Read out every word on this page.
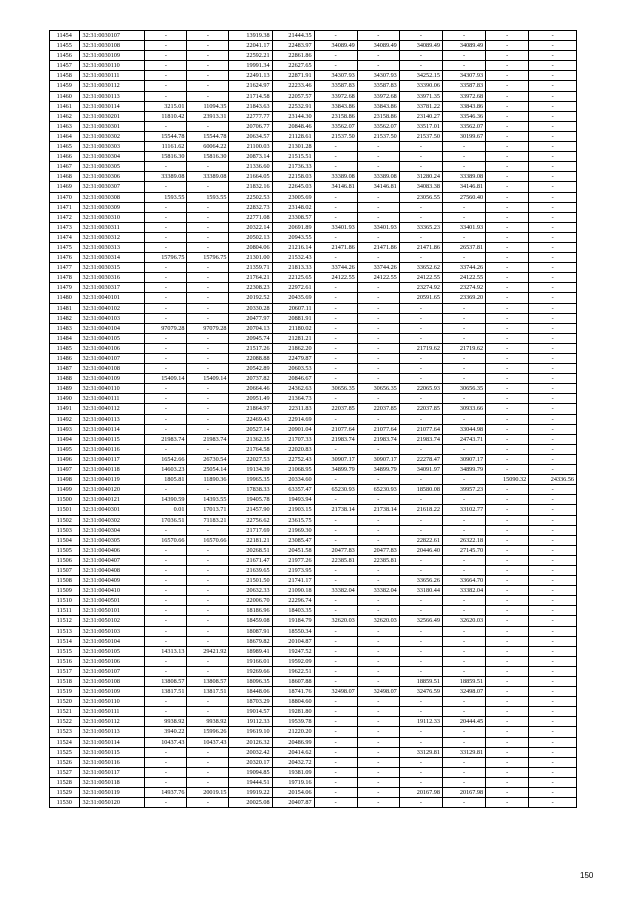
11454	32:31:0030107	-	-	13919.38	21444.35	-	-	-	-	-	-
11455	32:31:0030108	-	-	22041.17	22483.97	34089.49	34089.49	34089.49	34089.49	-	-
11456	32:31:0030109	-	-	22592.21	22861.86	-	-	-	-	-	-
11457	32:31:0030110	-	-	19991.34	22627.65	-	-	-	-	-	-
11458	32:31:0030111	-	-	22491.13	22871.91	34307.93	34307.93	34252.15	34307.93	-	-
11459	32:31:0030112	-	-	21624.97	22233.46	33587.83	33587.83	33390.06	33587.83	-	-
11460	32:31:0030113	-	-	21714.58	22057.57	33972.68	33972.68	33971.35	33972.68	-	-
11461	32:31:0030114	3215.01	11094.35	21843.63	22532.91	33843.86	33843.86	33781.22	33843.86	-	-
11462	32:31:0030201	11810.42	23913.31	22777.77	23144.30	23158.86	23158.86	23140.27	33546.36	-	-
11463	32:31:0030301	-	-	20706.77	20848.46	33562.07	33562.07	33517.01	33562.07	-	-
11464	32:31:0030302	15544.78	15544.78	20634.57	21128.61	21537.50	21537.50	21537.50	30199.67	-	-
11465	32:31:0030303	11161.62	60064.22	21100.03	21301.28	-	-	-	-	-	-
11466	32:31:0030304	15816.30	15816.30	20873.14	21515.51	-	-	-	-	-	-
11467	32:31:0030305	-	-	21336.60	21736.33	-	-	-	-	-	-
11468	32:31:0030306	33389.08	33389.08	21664.05	22158.03	33389.08	33389.08	31280.24	33389.08	-	-
11469	32:31:0030307	-	-	21832.16	22645.03	34146.81	34146.81	34083.38	34146.81	-	-
11470	32:31:0030308	1593.55	1593.55	22502.53	23005.69	-	-	23056.55	27560.40	-	-
11471	32:31:0030309	-	-	22832.73	23148.02	-	-	-	-	-	-
11472	32:31:0030310	-	-	22771.08	23308.57	-	-	-	-	-	-
11473	32:31:0030311	-	-	20322.14	20691.89	33401.93	33401.93	33365.23	33401.93	-	-
11474	32:31:0030312	-	-	20502.13	20943.55	-	-	-	-	-	-
11475	32:31:0030313	-	-	20804.06	21216.14	21471.86	21471.86	21471.86	26537.81	-	-
11476	32:31:0030314	15796.75	15796.75	21301.00	21532.43	-	-	-	-	-	-
11477	32:31:0030315	-	-	21359.71	21813.33	33744.26	33744.26	33652.62	33744.26	-	-
11478	32:31:0030316	-	-	21764.21	22125.65	24122.55	24122.55	24122.55	24122.55	-	-
11479	32:31:0030317	-	-	22308.23	22972.61	-	-	23274.92	23274.92	-	-
11480	32:31:0040101	-	-	20192.52	20435.69	-	-	20591.65	23369.20	-	-
11481	32:31:0040102	-	-	20330.28	20607.11	-	-	-	-	-	-
11482	32:31:0040103	-	-	20477.97	20881.91	-	-	-	-	-	-
11483	32:31:0040104	97079.28	97079.28	20704.13	21180.02	-	-	-	-	-	-
11484	32:31:0040105	-	-	20945.74	21281.21	-	-	-	-	-	-
11485	32:31:0040106	-	-	21517.26	21862.20	-	-	21719.62	21719.62	-	-
11486	32:31:0040107	-	-	22088.88	22479.87	-	-	-	-	-	-
11487	32:31:0040108	-	-	20542.89	20603.53	-	-	-	-	-	-
11488	32:31:0040109	15409.14	15409.14	20737.82	20846.67	-	-	-	-	-	-
11489	32:31:0040110	-	-	20664.46	24362.63	30656.35	30656.35	22065.93	30656.35	-	-
11490	32:31:0040111	-	-	20951.49	21364.73	-	-	-	-	-	-
11491	32:31:0040112	-	-	21864.97	22311.83	22037.85	22037.85	22037.85	30933.66	-	-
11492	32:31:0040113	-	-	22469.43	22914.69	-	-	-	-	-	-
11493	32:31:0040114	-	-	20527.14	20901.04	21077.64	21077.64	21077.64	33044.98	-	-
11494	32:31:0040115	21983.74	21983.74	21362.35	21707.33	21983.74	21983.74	21983.74	24743.71	-	-
11495	32:31:0040116	-	-	21764.58	22020.83	-	-	-	-	-	-
11496	32:31:0040117	16542.66	26730.54	22027.53	22752.43	30907.17	30907.17	22278.47	30907.17	-	-
11497	32:31:0040118	14603.23	25054.14	19134.39	21068.95	34899.79	34899.79	34091.97	34899.79	-	-
11498	32:31:0040119	1805.81	11890.36	19965.35	20334.60	-	-	-	-	15090.32	24336.56
11499	32:31:0040120	-	-	17838.33	63357.47	65230.93	65230.93	18580.08	39957.23	-	-
11500	32:31:0040121	14390.59	14393.55	19405.78	19493.94	-	-	-	-	-	-
11501	32:31:0040301	0.01	17013.71	21457.90	21903.15	21738.14	21738.14	21618.22	33102.77	-	-
11502	32:31:0040302	17036.51	71183.21	22756.62	23615.75	-	-	-	-	-	-
11503	32:31:0040304	-	-	21717.69	21969.30	-	-	-	-	-	-
11504	32:31:0040305	16570.66	16570.66	22181.21	23085.47	-	-	22822.61	26322.18	-	-
11505	32:31:0040406	-	-	20268.51	20451.58	20477.83	20477.83	20446.40	27145.70	-	-
11506	32:31:0040407	-	-	21671.47	21977.26	22385.81	22385.81	-	-	-	-
11507	32:31:0040408	-	-	21639.65	21973.95	-	-	-	-	-	-
11508	32:31:0040409	-	-	21501.50	21741.17	-	-	33656.26	33664.70	-	-
11509	32:31:0040410	-	-	20632.33	21090.18	33382.04	33382.04	33180.44	33382.04	-	-
11510	32:31:0040501	-	-	22006.70	22296.74	-	-	-	-	-	-
11511	32:31:0050101	-	-	18186.96	18403.35	-	-	-	-	-	-
11512	32:31:0050102	-	-	18459.08	19184.79	32620.03	32620.03	32566.49	32620.03	-	-
11513	32:31:0050103	-	-	18087.91	18550.34	-	-	-	-	-	-
11514	32:31:0050104	-	-	18679.82	20104.87	-	-	-	-	-	-
11515	32:31:0050105	14313.13	29421.92	18989.41	19247.52	-	-	-	-	-	-
11516	32:31:0050106	-	-	19166.01	19592.09	-	-	-	-	-	-
11517	32:31:0050107	-	-	19269.66	19622.51	-	-	-	-	-	-
11518	32:31:0050108	13808.57	13808.57	18096.35	18607.88	-	-	18859.51	18859.51	-	-
11519	32:31:0050109	13817.51	13817.51	18448.06	18741.76	32498.07	32498.07	32476.59	32498.07	-	-
11520	32:31:0050110	-	-	18703.29	18804.60	-	-	-	-	-	-
11521	32:31:0050111	-	-	19014.57	19281.80	-	-	-	-	-	-
11522	32:31:0050112	9938.92	9938.92	19112.33	19539.78	-	-	19112.33	20444.45	-	-
11523	32:31:0050113	3940.22	15996.26	19619.10	21220.20	-	-	-	-	-	-
11524	32:31:0050114	10437.43	10437.43	20126.32	20486.99	-	-	-	-	-	-
11525	32:31:0050115	-	-	20032.42	20414.62	-	-	33129.81	33129.81	-	-
11526	32:31:0050116	-	-	20320.17	20432.72	-	-	-	-	-	-
11527	32:31:0050117	-	-	19094.85	19381.09	-	-	-	-	-	-
11528	32:31:0050118	-	-	19444.51	19719.16	-	-	-	-	-	-
11529	32:31:0050119	14937.76	20019.15	19919.22	20154.06	-	-	20167.98	20167.98	-	-
11530	32:31:0050120	-	-	20025.08	20407.87	-	-	-	-	-	-
150
